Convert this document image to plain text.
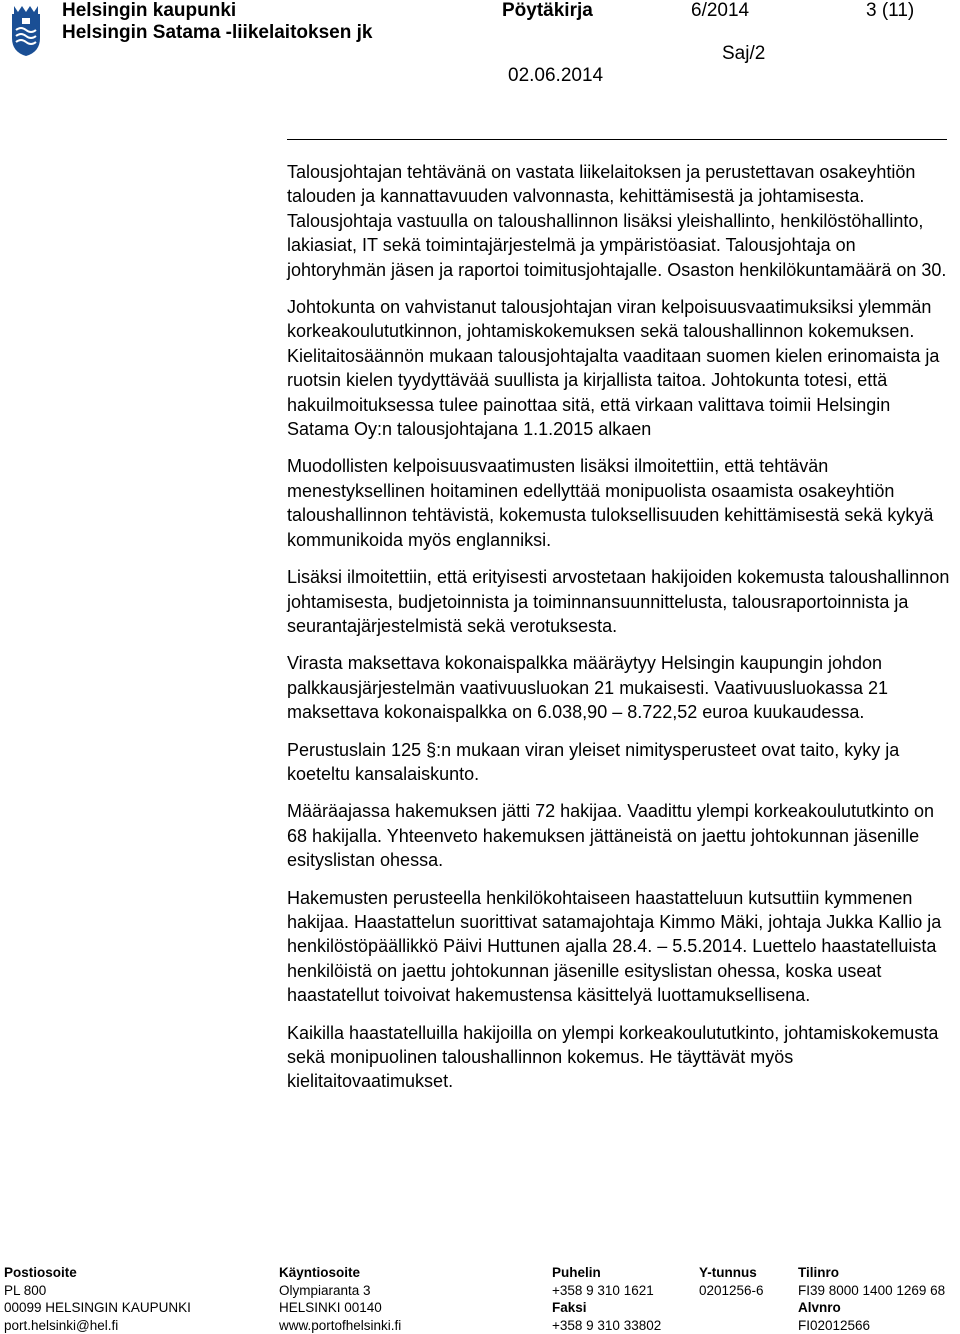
Helsingin kaupunki
Helsingin Satama -liikelaitoksen jk
Pöytäkirja	6/2014	3 (11)
Saj/2
02.06.2014

Talousjohtajan tehtävänä on vastata liikelaitoksen ja perustettavan osakeyhtiön talouden ja kannattavuuden valvonnasta, kehittämisestä ja johtamisesta. Talousjohtaja vastuulla on taloushallinnon lisäksi yleishallinto, henkilöstöhallinto, lakiasiat, IT sekä toimintajärjestelmä ja ympäristöasiat. Talousjohtaja on johtoryhmän jäsen ja raportoi toimitusjohtajalle. Osaston henkilökuntamäärä on 30.

Johtokunta on vahvistanut talousjohtajan viran kelpoisuusvaatimuksiksi ylemmän korkeakoulututkinnon, johtamiskokemuksen sekä taloushallinnon kokemuksen. Kielitaitosäännön mukaan talousjohtajalta vaaditaan suomen kielen erinomaista ja ruotsin kielen tyydyttävää suullista ja kirjallista taitoa. Johtokunta totesi, että hakuilmoituksessa tulee painottaa sitä, että virkaan valittava toimii Helsingin Satama Oy:n talousjohtajana 1.1.2015 alkaen

Muodollisten kelpoisuusvaatimusten lisäksi ilmoitettiin, että tehtävän menestyksellinen hoitaminen edellyttää monipuolista osaamista osakeyhtiön taloushallinnon tehtävistä, kokemusta tuloksellisuuden kehittämisestä sekä kykyä kommunikoida myös englanniksi.

Lisäksi ilmoitettiin, että erityisesti arvostetaan hakijoiden kokemusta taloushallinnon johtamisesta, budjetoinnista ja toiminnansuunnittelusta, talousraportoinnista ja seurantajärjestelmistä sekä verotuksesta.

Virasta maksettava kokonaispalkka määräytyy Helsingin kaupungin johdon palkkausjärjestelmän vaativuusluokan 21 mukaisesti. Vaativuusluokassa 21 maksettava kokonaispalkka on 6.038,90 – 8.722,52 euroa kuukaudessa.

Perustuslain 125 §:n mukaan viran yleiset nimitysperusteet ovat taito, kyky ja koeteltu kansalaiskunto.

Määräajassa hakemuksen jätti 72 hakijaa. Vaadittu ylempi korkeakoulututkinto on 68 hakijalla. Yhteenveto hakemuksen jättäneistä on jaettu johtokunnan jäsenille esityslistan ohessa.

Hakemusten perusteella henkilökohtaiseen haastatteluun kutsuttiin kymmenen hakijaa. Haastattelun suorittivat satamajohtaja Kimmo Mäki, johtaja Jukka Kallio ja henkilöstöpäällikkö Päivi Huttunen ajalla 28.4. – 5.5.2014. Luettelo haastatelluista henkilöistä on jaettu johtokunnan jäsenille esityslistan ohessa, koska useat haastatellut toivoivat hakemustensa käsittelyä luottamuksellisena.

Kaikilla haastatelluilla hakijoilla on ylempi korkeakoulututkinto, johtamiskokemusta sekä monipuolinen taloushallinnon kokemus. He täyttävät myös kielitaitovaatimukset.

Postiosoite
PL 800
00099 HELSINGIN KAUPUNKI
port.helsinki@hel.fi
Käyntiosoite
Olympiaranta 3
HELSINKI 00140
www.portofhelsinki.fi
Puhelin
+358 9 310 1621
Faksi
+358 9 310 33802
Y-tunnus
0201256-6
Tilinro
FI39 8000 1400 1269 68
Alvnro
FI02012566
